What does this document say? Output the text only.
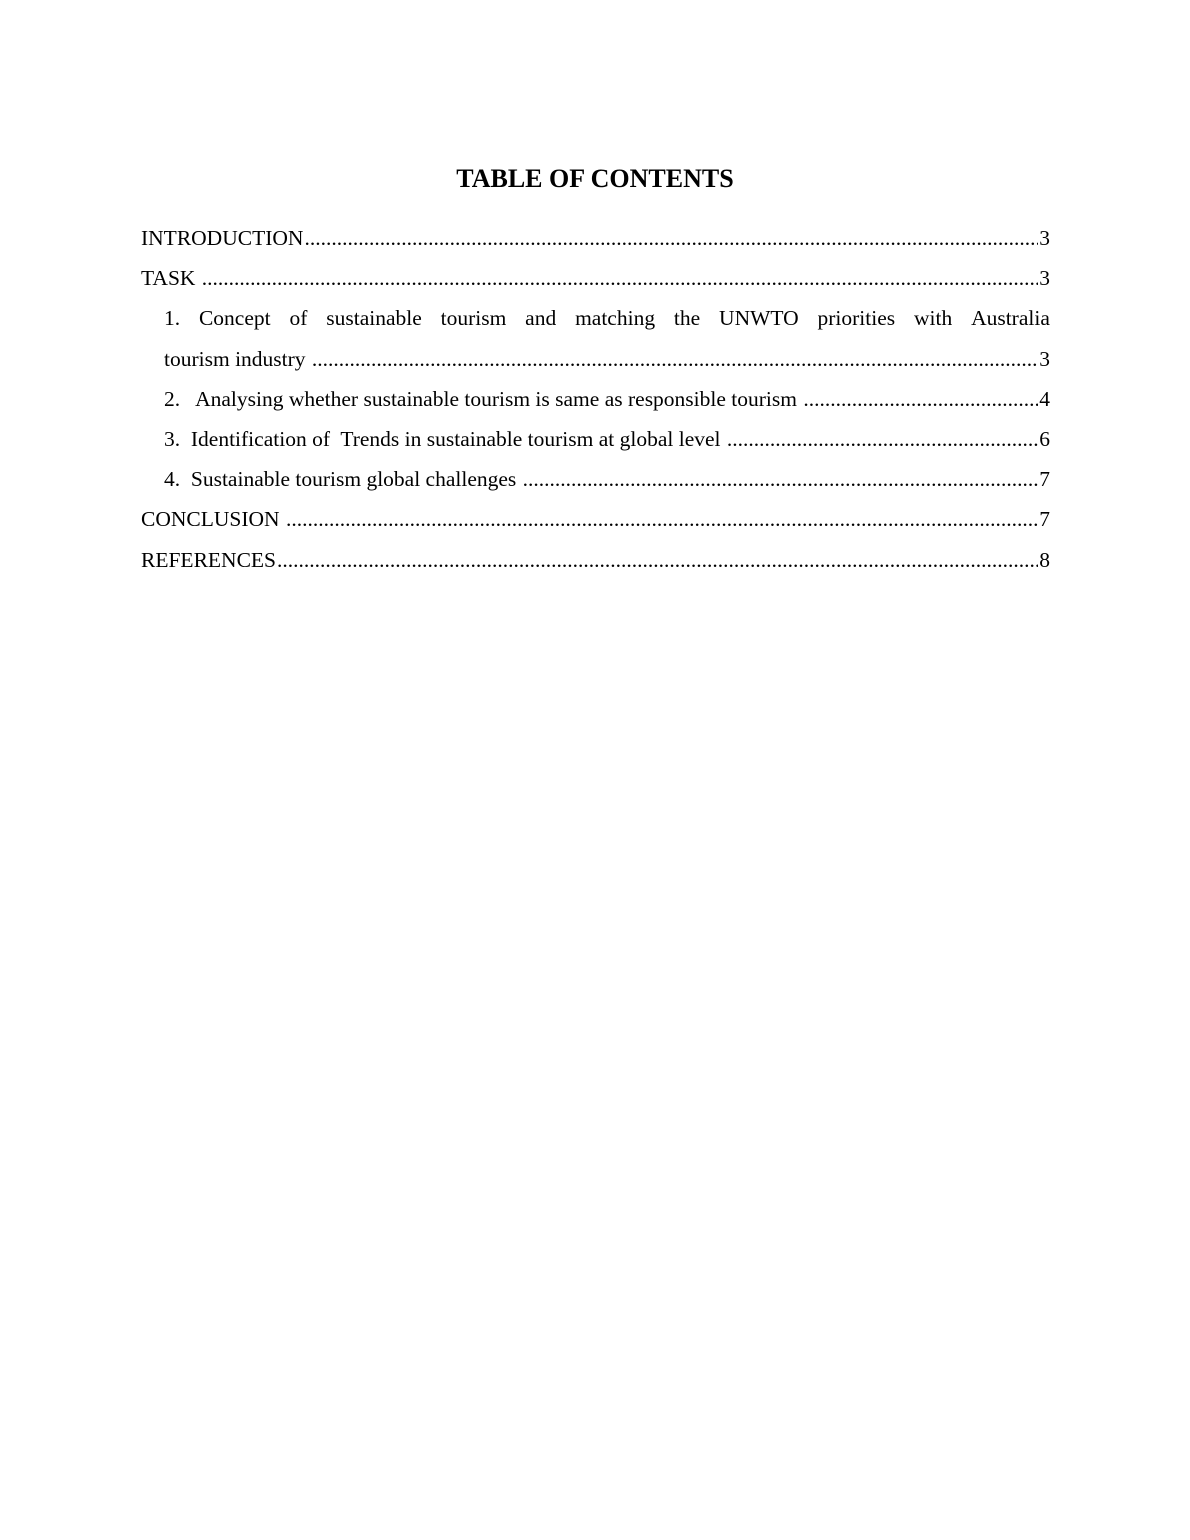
TABLE OF CONTENTS
INTRODUCTION .....	3
TASK .....	3
1. Concept of sustainable tourism and matching the UNWTO priorities with Australia
tourism industry .....	3
2. Analysing whether sustainable tourism is same as responsible tourism .....	4
3. Identification of  Trends in sustainable tourism at global level .....	6
4. Sustainable tourism global challenges .....	7
CONCLUSION .....	7
REFERENCES .....	8
